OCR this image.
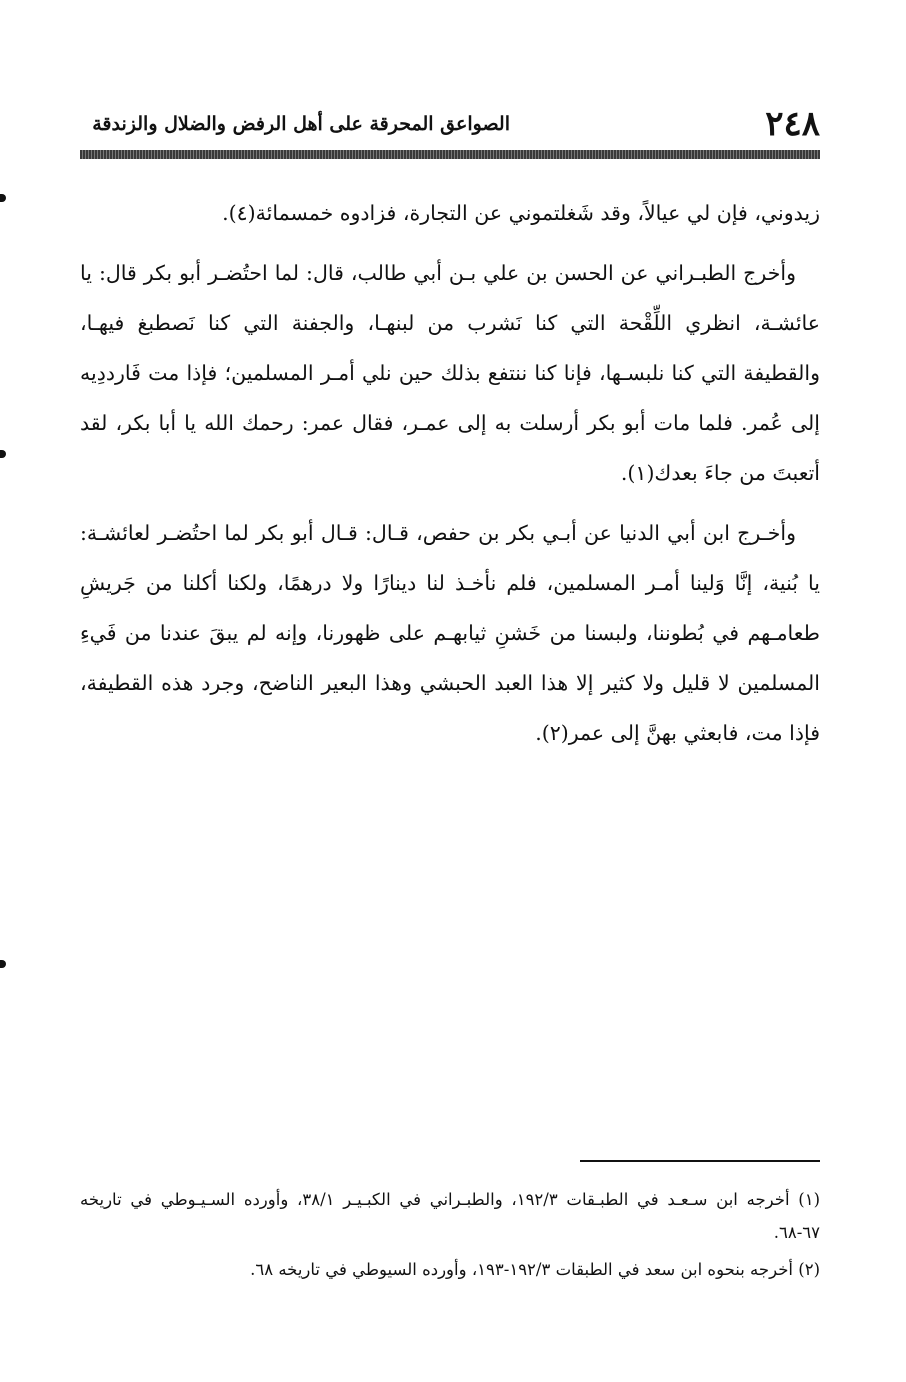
٢٤٨
الصواعق المحرقة على أهل الرفض والضلال والزندقة

زيدوني، فإن لي عيالاً، وقد شَغلتموني عن التجارة، فزادوه خمسمائة(٤).

وأخرج الطبـراني عن الحسن بن علي بـن أبي طالب، قال: لما احتُضـر أبو بكر قال: يا عائشـة، انظري اللِّقْحة التي كنا نَشرب من لبنهـا، والجفنة التي كنا نَصطبغ فيهـا، والقطيفة التي كنا نلبسـها، فإنا كنا ننتفع بذلك حين نلي أمـر المسلمين؛ فإذا مت فَارددِيه إلى عُمر. فلما مات أبو بكر أرسلت به إلى عمـر، فقال عمر: رحمك الله يا أبا بكر، لقد أتعبتَ من جاءَ بعدك(١).

وأخـرج ابن أبي الدنيا عن أبـي بكر بن حفص، قـال: قـال أبو بكر لما احتُضـر لعائشـة: يا بُنية، إنَّا وَلينا أمـر المسلمين، فلم نأخـذ لنا دينارًا ولا درهمًا، ولكنا أكلنا من جَريشِ طعامـهم في بُطوننا، ولبسنا من خَشنِ ثيابهـم على ظهورنا، وإنه لم يبقَ عندنا من فَيءِ المسلمين لا قليل ولا كثير إلا هذا العبد الحبشي وهذا البعير الناضح، وجرد هذه القطيفة، فإذا مت، فابعثي بهنَّ إلى عمر(٢).

(١) أخرجه ابن سـعـد في الطبـقات ١٩٢/٣، والطبـراني في الكبـيـر ٣٨/١، وأورده السـيـوطي في تاريخه ٦٧-٦٨.

(٢) أخرجه بنحوه ابن سعد في الطبقات ١٩٢/٣-١٩٣، وأورده السيوطي في تاريخه ٦٨.
